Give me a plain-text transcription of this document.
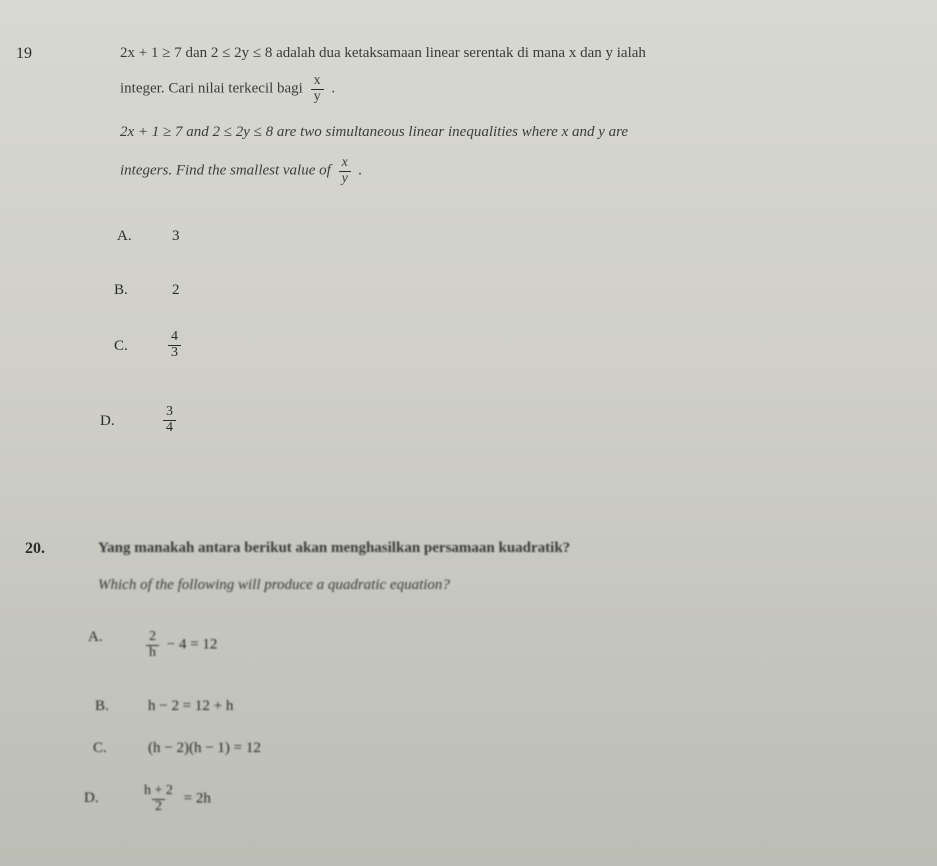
19	2x + 1 ≥ 7 dan 2 ≤ 2y ≤ 8 adalah dua ketaksamaan linear serentak di mana x dan y ialah
integer. Cari nilai terkecil bagi $\frac{x}{y}$ .
2x + 1 ≥ 7 and 2 ≤ 2y ≤ 8 are two simultaneous linear inequalities where x and y are
integers. Find the smallest value of $\frac{x}{y}$ .
A.	3
B.	2
C.	$\frac{4}{3}$
D.	$\frac{3}{4}$
20.	Yang manakah antara berikut akan menghasilkan persamaan kuadratik?
Which of the following will produce a quadratic equation?
A.	$\frac{2}{h} - 4 = 12$
B.	h − 2 = 12 + h
C.	(h − 2)(h − 1) = 12
D.	$\frac{h + 2}{2} = 2h$
